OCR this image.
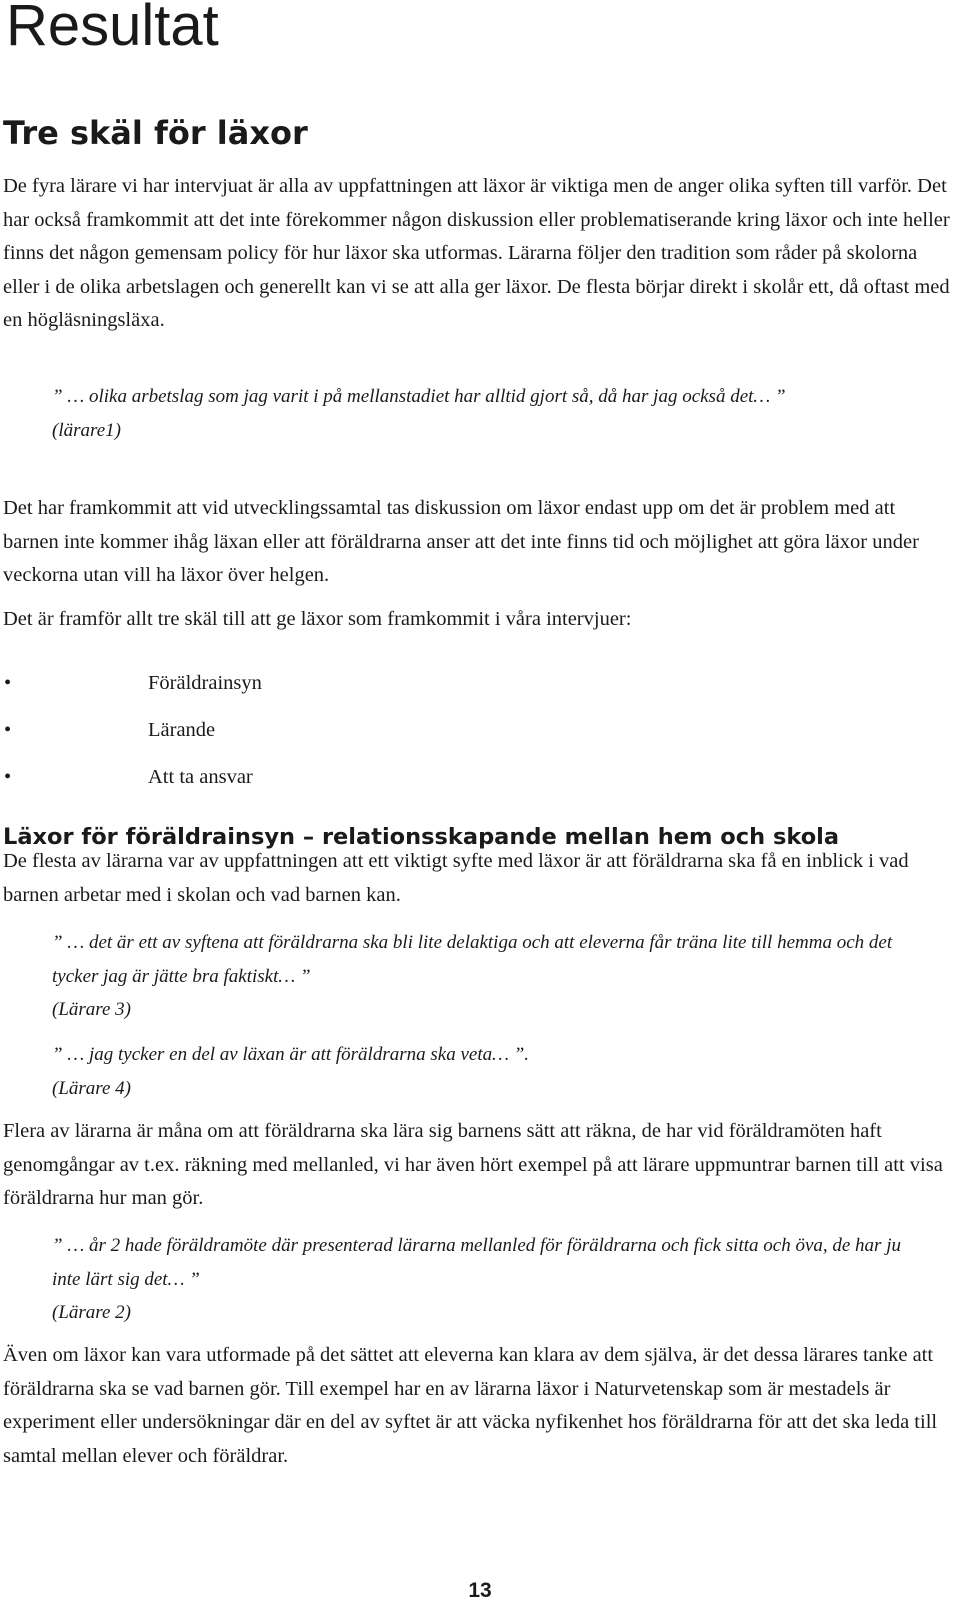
Resultat
Tre skäl för läxor

De fyra lärare vi har intervjuat är alla av uppfattningen att läxor är viktiga men de anger olika syften till varför. Det har också framkommit att det inte förekommer någon diskussion eller problematiserande kring läxor och inte heller finns det någon gemensam policy för hur läxor ska utformas. Lärarna följer den tradition som råder på skolorna eller i de olika arbetslagen och generellt kan vi se att alla ger läxor. De flesta börjar direkt i skolår ett, då oftast med en högläsningsläxa.

” … olika arbetslag som jag varit i på mellanstadiet har alltid gjort så, då har jag också det… ”
(lärare1)

Det har framkommit att vid utvecklingssamtal tas diskussion om läxor endast upp om det är problem med att barnen inte kommer ihåg läxan eller att föräldrarna anser att det inte finns tid och möjlighet att göra läxor under veckorna utan vill ha läxor över helgen.

Det är framför allt tre skäl till att ge läxor som framkommit i våra intervjuer:

•	Föräldrainsyn
•	Lärande
•	Att ta ansvar
Läxor för föräldrainsyn – relationsskapande mellan hem och skola

De flesta av lärarna var av uppfattningen att ett viktigt syfte med läxor är att föräldrarna ska få en inblick i vad barnen arbetar med i skolan och vad barnen kan.

” … det är ett av syftena att föräldrarna ska bli lite delaktiga och att eleverna får träna lite till hemma och det tycker jag är jätte bra faktiskt… ”
(Lärare 3)
” … jag tycker en del av läxan är att föräldrarna ska veta… ”.
(Lärare 4)

Flera av lärarna är måna om att föräldrarna ska lära sig barnens sätt att räkna, de har vid föräldramöten haft genomgångar av t.ex. räkning med mellanled, vi har även hört exempel på att lärare uppmuntrar barnen till att visa föräldrarna hur man gör.

” … år 2 hade föräldramöte där presenterad lärarna mellanled för föräldrarna och fick sitta och öva, de har ju inte lärt sig det… ”
(Lärare 2)

Även om läxor kan vara utformade på det sättet att eleverna kan klara av dem själva, är det dessa lärares tanke att föräldrarna ska se vad barnen gör. Till exempel har en av lärarna läxor i Naturvetenskap som är mestadels är experiment eller undersökningar där en del av syftet är att väcka nyfikenhet hos föräldrarna för att det ska leda till samtal mellan elever och föräldrar.

13
